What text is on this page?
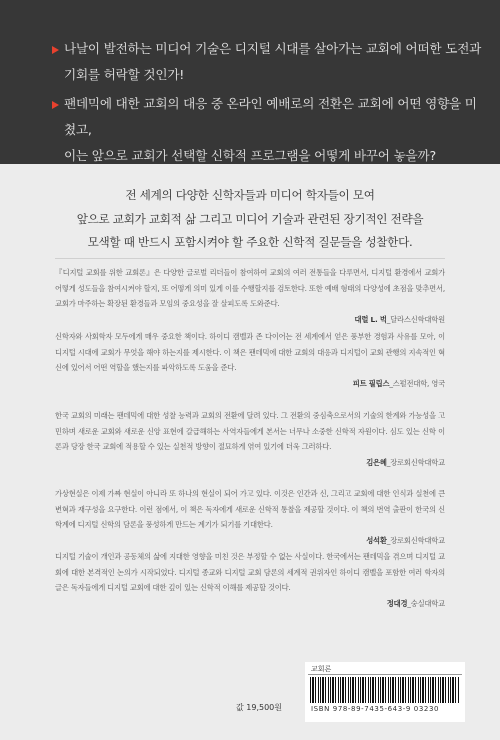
나날이 발전하는 미디어 기술은 디지털 시대를 살아가는 교회에 어떠한 도전과
기회를 허락할 것인가!
팬데믹에 대한 교회의 대응 중 온라인 예배로의 전환은 교회에 어떤 영향을 미쳤고,
이는 앞으로 교회가 선택할 신학적 프로그램을 어떻게 바꾸어 놓을까?
전 세계의 다양한 신학자들과 미디어 학자들이 모여
앞으로 교회가 교회적 삶 그리고 미디어 기술과 관련된 장기적인 전략을
모색할 때 반드시 포함시켜야 할 주요한 신학적 질문들을 성찰한다.

『디지털 교회를 위한 교회론』은 다양한 글로벌 리더들이 참여하여 교회의 여러 전통들을 다루면서, 디지털 환경에서 교회가 어떻게 성도들을 참여시켜야 할지, 또 어떻게 의미 있게 이를 수행할지를 검토한다. 또한 예배 형태의 다양성에 초점을 맞추면서, 교회가 마주하는 확장된 환경들과 모임의 중요성을 잘 살피도록 도와준다.

대럴 L. 벅_달라스신학대학원

신학자와 사회학자 모두에게 매우 중요한 책이다. 하이디 캠벨과 존 다이어는 전 세계에서 얻은 풍부한 경험과 사유를 모아, 이 디지털 시대에 교회가 무엇을 해야 하는지를 제시한다. 이 책은 팬데믹에 대한 교회의 대응과 디지털이 교회 관행의 지속적인 혁신에 있어서 어떤 역할을 했는지를 파악하도록 도움을 준다.

피트 필립스_스펄전대학, 영국

한국 교회의 미래는 팬데믹에 대한 성찰 능력과 교회의 전환에 달려 있다. 그 전환의 중심축으로서의 기술의 한계와 가능성을 고민하며 새로운 교회와 새로운 신앙 표현에 갈급해하는 사역자들에게 본서는 너무나 소중한 신학적 자원이다. 심도 있는 신학 이론과 당장 한국 교회에 적용할 수 있는 실천적 방향이 절묘하게 엮여 있기에 더욱 그러하다.

김은혜_장로회신학대학교

가상현실은 이제 가짜 현실이 아니라 또 하나의 현실이 되어 가고 있다. 이것은 인간과 신, 그리고 교회에 대한 인식과 실천에 큰 변혁과 재구성을 요구한다. 이런 점에서, 이 책은 독자에게 새로운 신학적 통찰을 제공할 것이다. 이 책의 번역 출판이 한국의 신학계에 디지털 신학의 담론을 풍성하게 만드는 계기가 되기를 기대한다.

성석환_장로회신학대학교

디지털 기술이 개인과 공동체의 삶에 지대한 영향을 미친 것은 부정할 수 없는 사실이다. 한국에서는 팬데믹을 겪으며 디지털 교회에 대한 본격적인 논의가 시작되었다. 디지털 종교와 디지털 교회 담론의 세계적 권위자인 하이디 캠벨을 포함한 여러 학자의 글은 독자들에게 디지털 교회에 대한 깊이 있는 신학적 이해를 제공할 것이다.

정대경_숭실대학교
교회론
ISBN 978-89-7435-643-9 03230
값 19,500원
